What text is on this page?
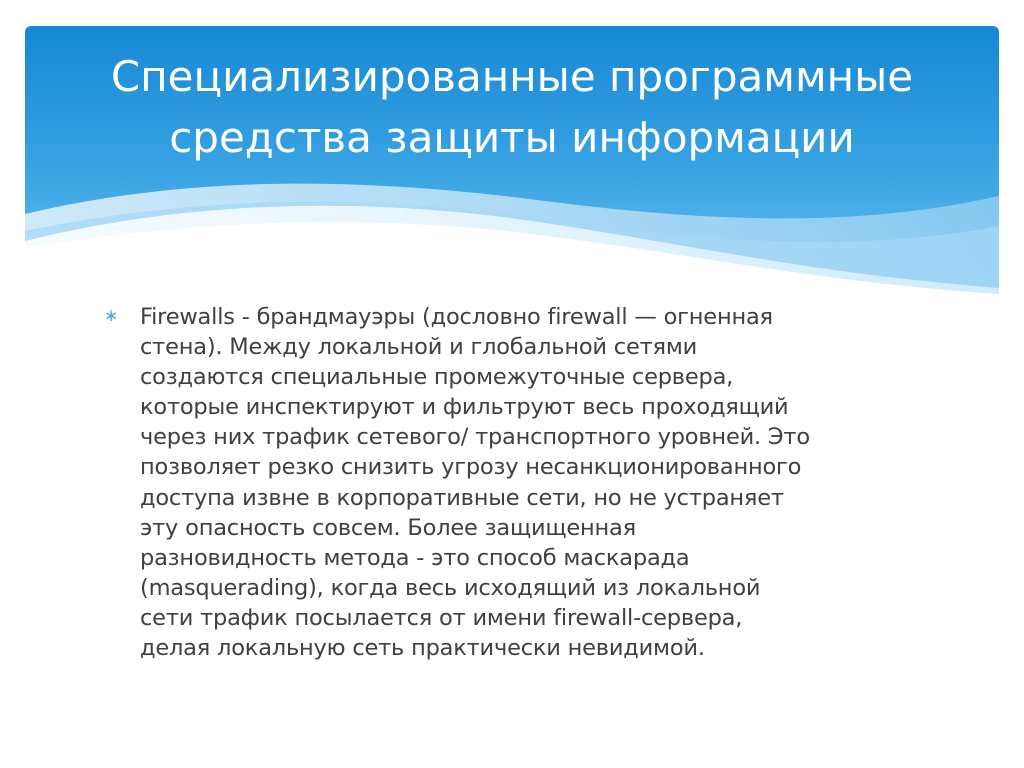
Специализированные программные
средства защиты информации
∗ Firewalls - брандмауэры (дословно firewall — огненная
стена). Между локальной и глобальной сетями
создаются специальные промежуточные сервера,
которые инспектируют и фильтруют весь проходящий
через них трафик сетевого/ транспортного уровней. Это
позволяет резко снизить угрозу несанкционированного
доступа извне в корпоративные сети, но не устраняет
эту опасность совсем. Более защищенная
разновидность метода - это способ маскарада
(masquerading), когда весь исходящий из локальной
сети трафик посылается от имени firewall-сервера,
делая локальную сеть практически невидимой.
